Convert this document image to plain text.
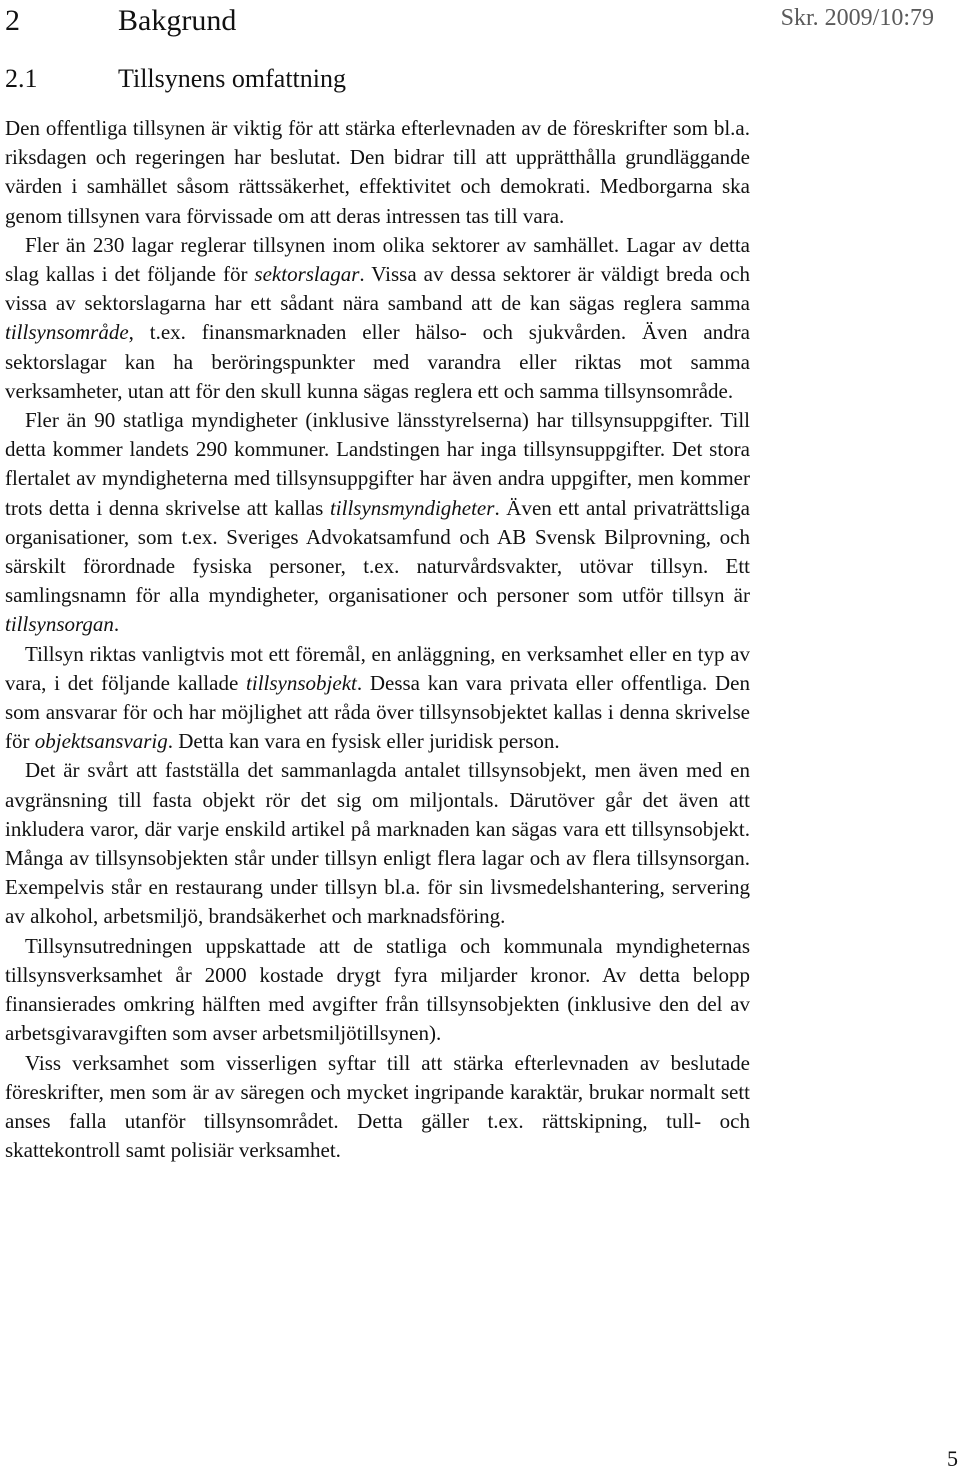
2	Bakgrund	Skr. 2009/10:79
2.1	Tillsynens omfattning

Den offentliga tillsynen är viktig för att stärka efterlevnaden av de föreskrifter som bl.a. riksdagen och regeringen har beslutat. Den bidrar till att upprätthålla grundläggande värden i samhället såsom rättssäkerhet, effektivitet och demokrati. Medborgarna ska genom tillsynen vara förvissade om att deras intressen tas till vara.

Fler än 230 lagar reglerar tillsynen inom olika sektorer av samhället. Lagar av detta slag kallas i det följande för sektorslagar. Vissa av dessa sektorer är väldigt breda och vissa av sektorslagarna har ett sådant nära samband att de kan sägas reglera samma tillsynsområde, t.ex. finansmarknaden eller hälso- och sjukvården. Även andra sektorslagar kan ha beröringspunkter med varandra eller riktas mot samma verksamheter, utan att för den skull kunna sägas reglera ett och samma tillsynsområde.

Fler än 90 statliga myndigheter (inklusive länsstyrelserna) har tillsynsuppgifter. Till detta kommer landets 290 kommuner. Landstingen har inga tillsynsuppgifter. Det stora flertalet av myndigheterna med tillsynsuppgifter har även andra uppgifter, men kommer trots detta i denna skrivelse att kallas tillsynsmyndigheter. Även ett antal privaträttsliga organisationer, som t.ex. Sveriges Advokatsamfund och AB Svensk Bilprovning, och särskilt förordnade fysiska personer, t.ex. naturvårdsvakter, utövar tillsyn. Ett samlingsnamn för alla myndigheter, organisationer och personer som utför tillsyn är tillsynsorgan.

Tillsyn riktas vanligtvis mot ett föremål, en anläggning, en verksamhet eller en typ av vara, i det följande kallade tillsynsobjekt. Dessa kan vara privata eller offentliga. Den som ansvarar för och har möjlighet att råda över tillsynsobjektet kallas i denna skrivelse för objektsansvarig. Detta kan vara en fysisk eller juridisk person.

Det är svårt att fastställa det sammanlagda antalet tillsynsobjekt, men även med en avgränsning till fasta objekt rör det sig om miljontals. Därutöver går det även att inkludera varor, där varje enskild artikel på marknaden kan sägas vara ett tillsynsobjekt. Många av tillsynsobjekten står under tillsyn enligt flera lagar och av flera tillsynsorgan. Exempelvis står en restaurang under tillsyn bl.a. för sin livsmedelshantering, servering av alkohol, arbetsmiljö, brandsäkerhet och marknadsföring.

Tillsynsutredningen uppskattade att de statliga och kommunala myndigheternas tillsynsverksamhet år 2000 kostade drygt fyra miljarder kronor. Av detta belopp finansierades omkring hälften med avgifter från tillsynsobjekten (inklusive den del av arbetsgivaravgiften som avser arbetsmiljötillsynen).

Viss verksamhet som visserligen syftar till att stärka efterlevnaden av beslutade föreskrifter, men som är av säregen och mycket ingripande karaktär, brukar normalt sett anses falla utanför tillsynsområdet. Detta gäller t.ex. rättskipning, tull- och skattekontroll samt polisiär verksamhet.

5
